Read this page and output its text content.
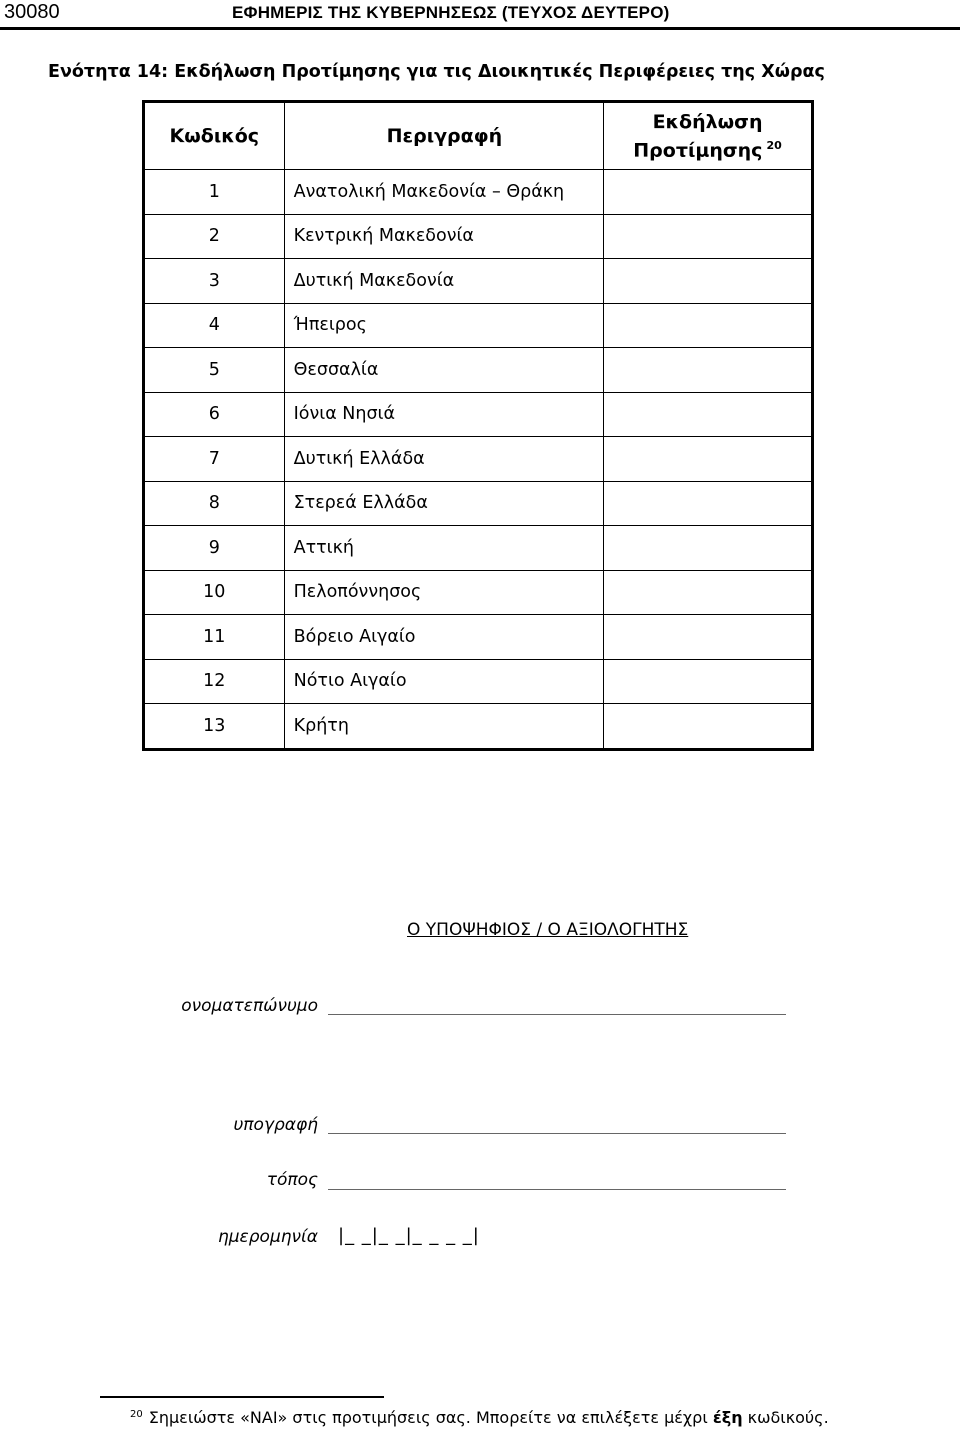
30080	ΕΦΗΜΕΡΙΣ ΤΗΣ ΚΥΒΕΡΝΗΣΕΩΣ (ΤΕΥΧΟΣ ΔΕΥΤΕΡΟ)
Ενότητα 14: Εκδήλωση Προτίμησης για τις Διοικητικές Περιφέρειες της Χώρας
Κωδικός	Περιγραφή	Εκδήλωση
Προτίμησης $^{20}$
1	Ανατολική Μακεδονία – Θράκη	
2	Κεντρική Μακεδονία	
3	Δυτική Μακεδονία	
4	Ήπειρος	
5	Θεσσαλία	
6	Ιόνια Νησιά	
7	Δυτική Ελλάδα	
8	Στερεά Ελλάδα	
9	Αττική	
10	Πελοπόννησος	
11	Βόρειο Αιγαίο	
12	Νότιο Αιγαίο	
13	Κρήτη	
Ο ΥΠΟΨΗΦΙΟΣ / Ο ΑΞΙΟΛΟΓΗΤΗΣ
ονοματεπώνυμο
υπογραφή
τόπος
ημερομηνία |_ _|_ _|_ _ _ _|
$^{20}$ Σημειώστε «ΝΑΙ» στις προτιμήσεις σας. Μπορείτε να επιλέξετε μέχρι έξη κωδικούς.
